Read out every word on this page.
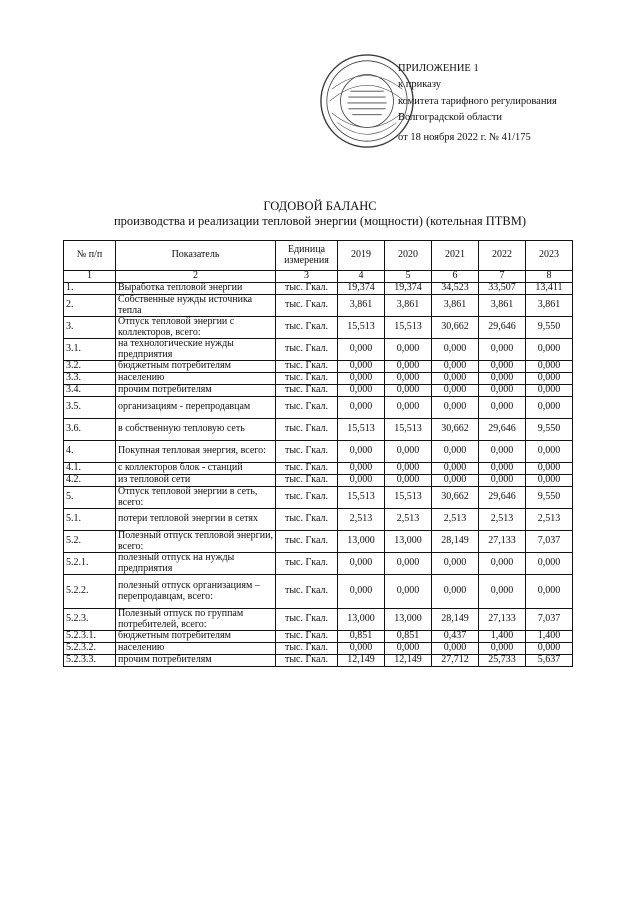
ПРИЛОЖЕНИЕ 1
к приказу
комитета тарифного регулирования
Волгоградской области
от 18 ноября 2022 г. № 41/175
ГОДОВОЙ БАЛАНС
производства и реализации тепловой энергии (мощности) (котельная ПТВМ)
№ п/п	Показатель	Единица измерения	2019	2020	2021	2022	2023
1	2	3	4	5	6	7	8
1.	Выработка тепловой энергии	тыс. Гкал.	19,374	19,374	34,523	33,507	13,411
2.	Собственные нужды источника тепла	тыс. Гкал.	3,861	3,861	3,861	3,861	3,861
3.	Отпуск тепловой энергии с коллекторов, всего:	тыс. Гкал.	15,513	15,513	30,662	29,646	9,550
3.1.	на технологические нужды предприятия	тыс. Гкал.	0,000	0,000	0,000	0,000	0,000
3.2.	бюджетным потребителям	тыс. Гкал.	0,000	0,000	0,000	0,000	0,000
3.3.	населению	тыс. Гкал.	0,000	0,000	0,000	0,000	0,000
3.4.	прочим потребителям	тыс. Гкал.	0,000	0,000	0,000	0,000	0,000
3.5.	организациям - перепродавцам	тыс. Гкал.	0,000	0,000	0,000	0,000	0,000
3.6.	в собственную тепловую сеть	тыс. Гкал.	15,513	15,513	30,662	29,646	9,550
4.	Покупная тепловая энергия, всего:	тыс. Гкал.	0,000	0,000	0,000	0,000	0,000
4.1.	с коллекторов блок - станций	тыс. Гкал.	0,000	0,000	0,000	0,000	0,000
4.2.	из тепловой сети	тыс. Гкал.	0,000	0,000	0,000	0,000	0,000
5.	Отпуск тепловой энергии в сеть, всего:	тыс. Гкал.	15,513	15,513	30,662	29,646	9,550
5.1.	потери тепловой энергии в сетях	тыс. Гкал.	2,513	2,513	2,513	2,513	2,513
5.2.	Полезный отпуск тепловой энергии, всего:	тыс. Гкал.	13,000	13,000	28,149	27,133	7,037
5.2.1.	полезный отпуск на нужды предприятия	тыс. Гкал.	0,000	0,000	0,000	0,000	0,000
5.2.2.	полезный отпуск организациям – перепродавцам, всего:	тыс. Гкал.	0,000	0,000	0,000	0,000	0,000
5.2.3.	Полезный отпуск по группам потребителей, всего:	тыс. Гкал.	13,000	13,000	28,149	27,133	7,037
5.2.3.1.	бюджетным потребителям	тыс. Гкал.	0,851	0,851	0,437	1,400	1,400
5.2.3.2.	населению	тыс. Гкал.	0,000	0,000	0,000	0,000	0,000
5.2.3.3.	прочим потребителям	тыс. Гкал.	12,149	12,149	27,712	25,733	5,637
